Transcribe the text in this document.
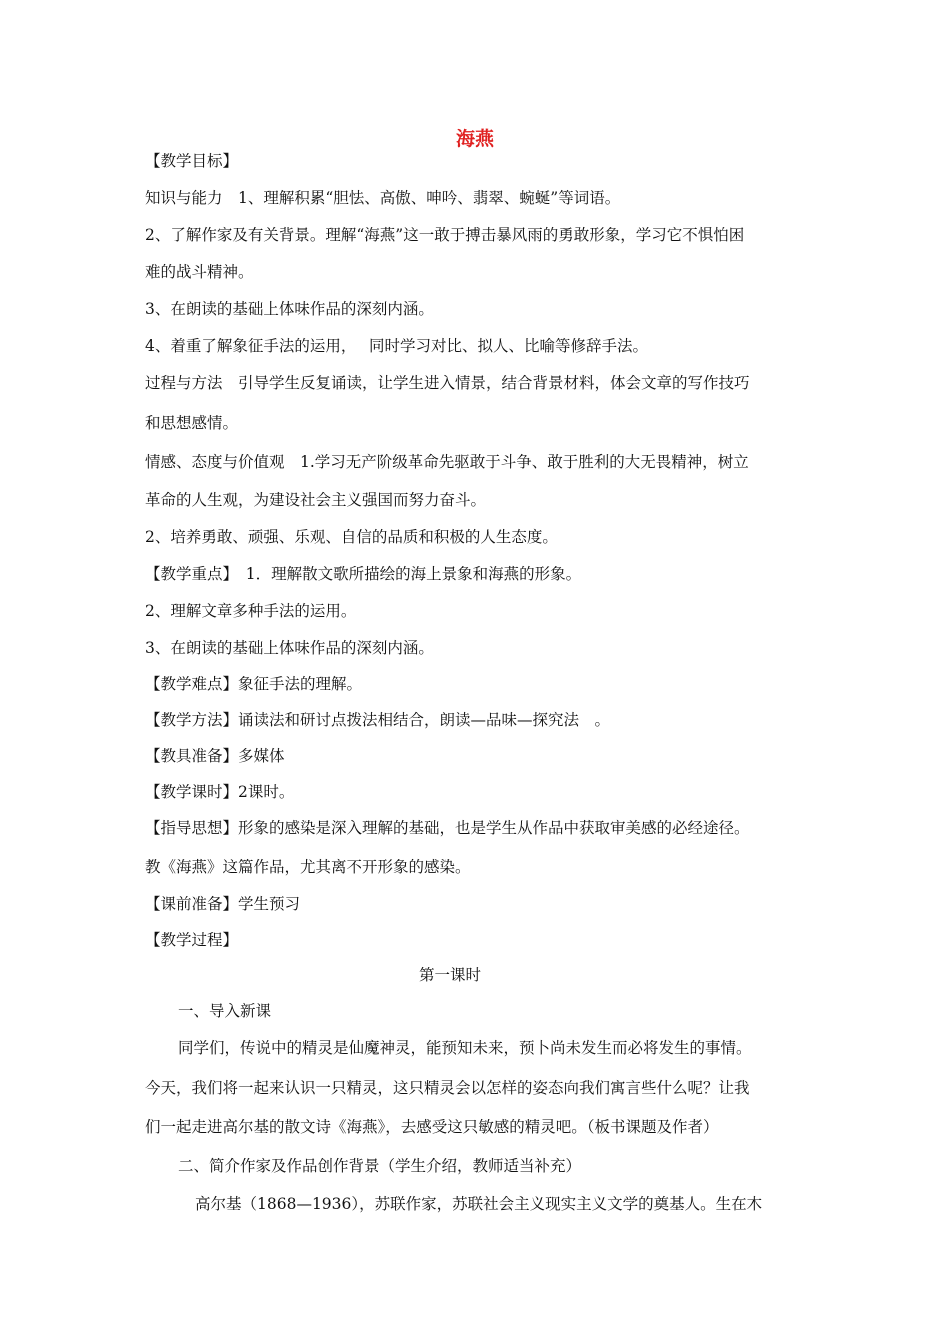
海燕
【教学目标】
知识与能力　1、理解积累“胆怯、高傲、呻吟、翡翠、蜿蜒”等词语。
2、了解作家及有关背景。理解“海燕”这一敢于搏击暴风雨的勇敢形象，学习它不惧怕困
难的战斗精神。
3、在朗读的基础上体味作品的深刻内涵。
4、着重了解象征手法的运用，　 同时学习对比、拟人、比喻等修辞手法。
过程与方法　引导学生反复诵读，让学生进入情景，结合背景材料，体会文章的写作技巧
和思想感情。
情感、态度与价值观　1.学习无产阶级革命先驱敢于斗争、敢于胜利的大无畏精神，树立
革命的人生观，为建设社会主义强国而努力奋斗。
2、培养勇敢、顽强、乐观、自信的品质和积极的人生态度。
【教学重点】　1．理解散文歌所描绘的海上景象和海燕的形象。
2、理解文章多种手法的运用。
3、在朗读的基础上体味作品的深刻内涵。
【教学难点】象征手法的理解。
【教学方法】诵读法和研讨点拨法相结合，朗读—品味—探究法　。
【教具准备】多媒体
【教学课时】2课时。
【指导思想】形象的感染是深入理解的基础，也是学生从作品中获取审美感的必经途径。
教《海燕》这篇作品，尤其离不开形象的感染。
【课前准备】学生预习
【教学过程】
第一课时
一、导入新课
同学们，传说中的精灵是仙魔神灵，能预知未来，预卜尚未发生而必将发生的事情。
今天，我们将一起来认识一只精灵，这只精灵会以怎样的姿态向我们寓言些什么呢？让我
们一起走进高尔基的散文诗《海燕》，去感受这只敏感的精灵吧。（板书课题及作者）
二、简介作家及作品创作背景（学生介绍，教师适当补充）
高尔基（1868—1936），苏联作家，苏联社会主义现实主义文学的奠基人。生在木
